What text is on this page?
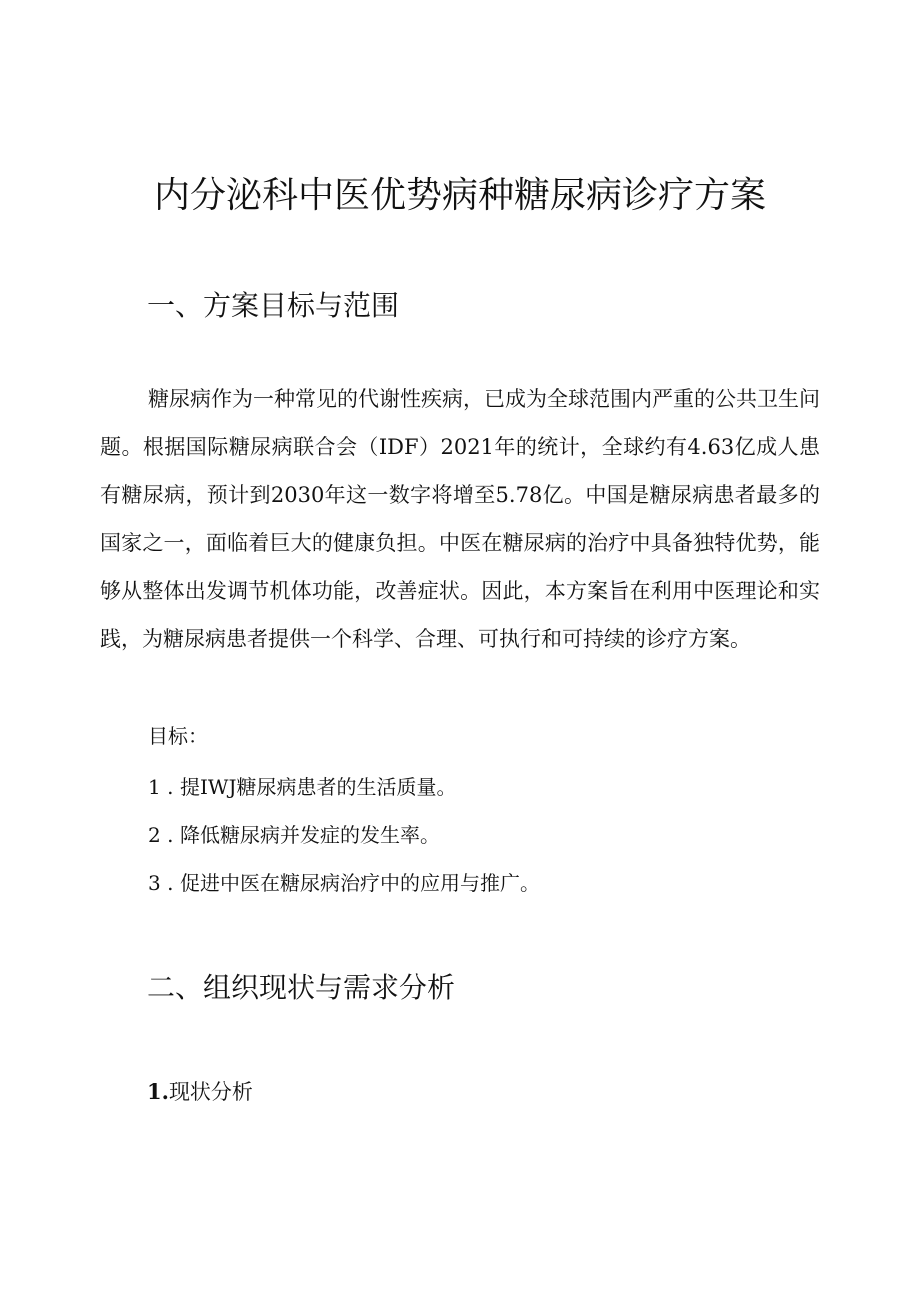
内分泌科中医优势病种糖尿病诊疗方案
一、方案目标与范围

糖尿病作为一种常见的代谢性疾病，已成为全球范围内严重的公共卫生问题。根据国际糖尿病联合会（IDF）2021年的统计，全球约有4.63亿成人患有糖尿病，预计到2030年这一数字将增至5.78亿。中国是糖尿病患者最多的国家之一，面临着巨大的健康负担。中医在糖尿病的治疗中具备独特优势，能够从整体出发调节机体功能，改善症状。因此，本方案旨在利用中医理论和实践，为糖尿病患者提供一个科学、合理、可执行和可持续的诊疗方案。

目标：

1 . 提IWJ糖尿病患者的生活质量。
2 . 降低糖尿病并发症的发生率。
3 . 促进中医在糖尿病治疗中的应用与推广。
二、组织现状与需求分析

1.现状分析
